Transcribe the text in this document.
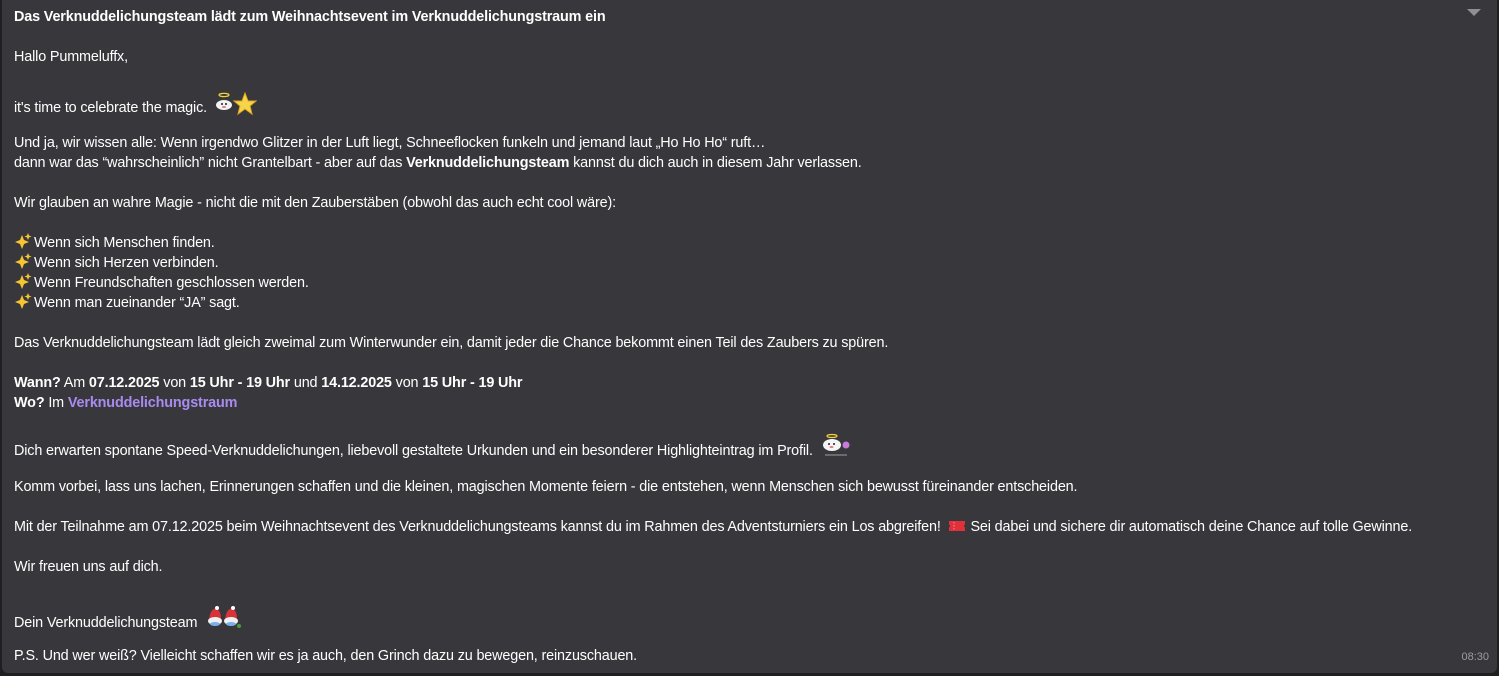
Das Verknuddelichungsteam lädt zum Weihnachtsevent im Verknuddelichungstraum ein
Hallo Pummeluffx,
it's time to celebrate the magic.
Und ja, wir wissen alle: Wenn irgendwo Glitzer in der Luft liegt, Schneeflocken funkeln und jemand laut „Ho Ho Ho“ ruft…
dann war das “wahrscheinlich” nicht Grantelbart - aber auf das Verknuddelichungsteam kannst du dich auch in diesem Jahr verlassen.
Wir glauben an wahre Magie - nicht die mit den Zauberstäben (obwohl das auch echt cool wäre):
Wenn sich Menschen finden.
Wenn sich Herzen verbinden.
Wenn Freundschaften geschlossen werden.
Wenn man zueinander “JA” sagt.
Das Verknuddelichungsteam lädt gleich zweimal zum Winterwunder ein, damit jeder die Chance bekommt einen Teil des Zaubers zu spüren.
Wann? Am 07.12.2025 von 15 Uhr - 19 Uhr und 14.12.2025 von 15 Uhr - 19 Uhr
Wo? Im Verknuddelichungstraum
Dich erwarten spontane Speed-Verknuddelichungen, liebevoll gestaltete Urkunden und ein besonderer Highlighteintrag im Profil.
Komm vorbei, lass uns lachen, Erinnerungen schaffen und die kleinen, magischen Momente feiern - die entstehen, wenn Menschen sich bewusst füreinander entscheiden.
Mit der Teilnahme am 07.12.2025 beim Weihnachtsevent des Verknuddelichungsteams kannst du im Rahmen des Adventsturniers ein Los abgreifen! Sei dabei und sichere dir automatisch deine Chance auf tolle Gewinne.
Wir freuen uns auf dich.
Dein Verknuddelichungsteam
P.S. Und wer weiß? Vielleicht schaffen wir es ja auch, den Grinch dazu zu bewegen, reinzuschauen.	08:30
